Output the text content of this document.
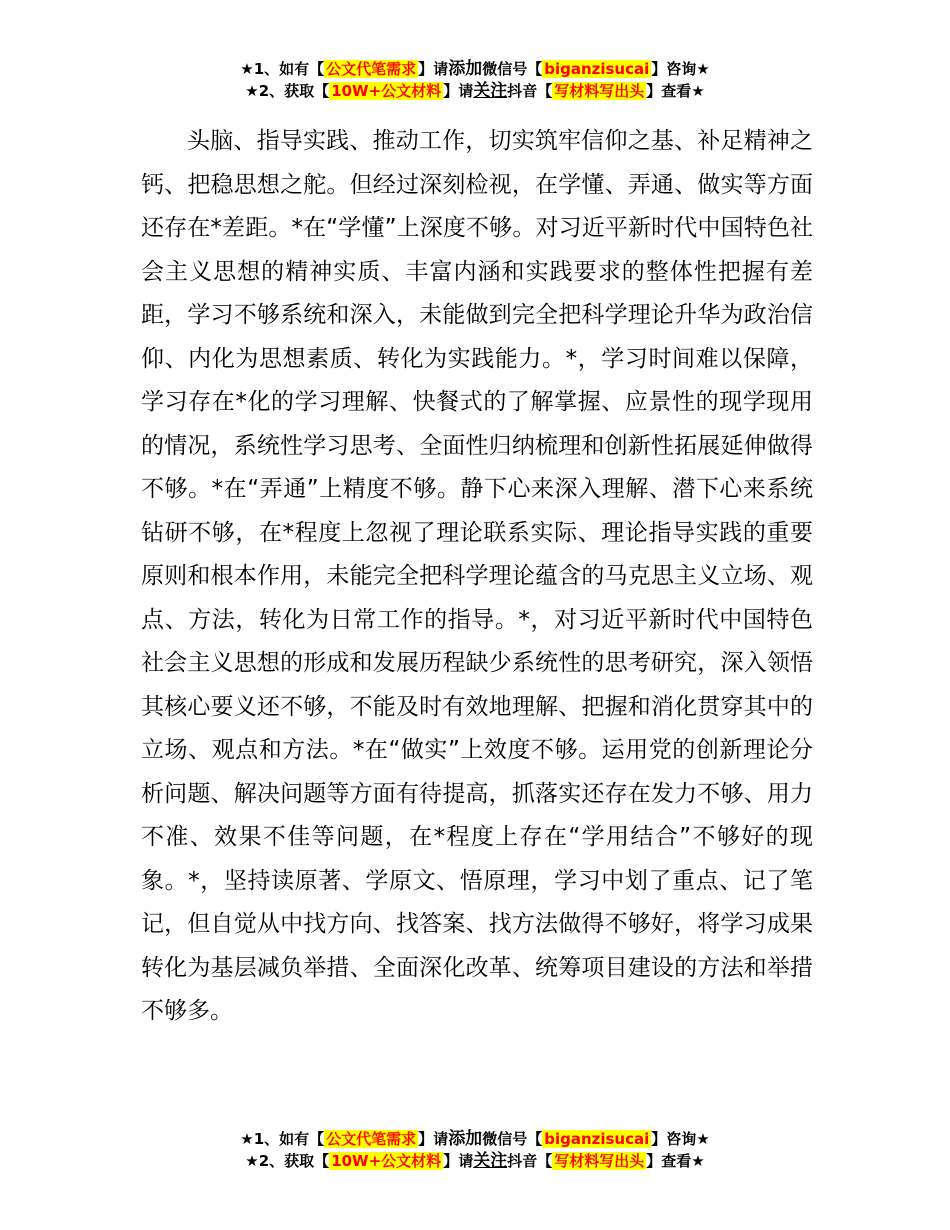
★1、如有【 公文代笔需求 】请添加微信号【 biganzisucai 】咨询★
★2、获取【 10W+公文材料 】请关注抖音【 写材料写出头 】查看★

头脑、指导实践、推动工作，切实筑牢信仰之基、补足精神之钙、把稳思想之舵。但经过深刻检视，在学懂、弄通、做实等方面还存在*差距。*在“学懂”上深度不够。对习近平新时代中国特色社会主义思想的精神实质、丰富内涵和实践要求的整体性把握有差距，学习不够系统和深入，未能做到完全把科学理论升华为政治信仰、内化为思想素质、转化为实践能力。*，学习时间难以保障，学习存在*化的学习理解、快餐式的了解掌握、应景性的现学现用的情况，系统性学习思考、全面性归纳梳理和创新性拓展延伸做得不够。*在“弄通”上精度不够。静下心来深入理解、潜下心来系统钻研不够，在*程度上忽视了理论联系实际、理论指导实践的重要原则和根本作用，未能完全把科学理论蕴含的马克思主义立场、观点、方法，转化为日常工作的指导。*，对习近平新时代中国特色社会主义思想的形成和发展历程缺少系统性的思考研究，深入领悟其核心要义还不够，不能及时有效地理解、把握和消化贯穿其中的立场、观点和方法。*在“做实”上效度不够。运用党的创新理论分析问题、解决问题等方面有待提高，抓落实还存在发力不够、用力不准、效果不佳等问题，在*程度上存在“学用结合”不够好的现象。*，坚持读原著、学原文、悟原理，学习中划了重点、记了笔记，但自觉从中找方向、找答案、找方法做得不够好，将学习成果转化为基层减负举措、全面深化改革、统筹项目建设的方法和举措不够多。

★1、如有【 公文代笔需求 】请添加微信号【 biganzisucai 】咨询★
★2、获取【 10W+公文材料 】请关注抖音【 写材料写出头 】查看★
